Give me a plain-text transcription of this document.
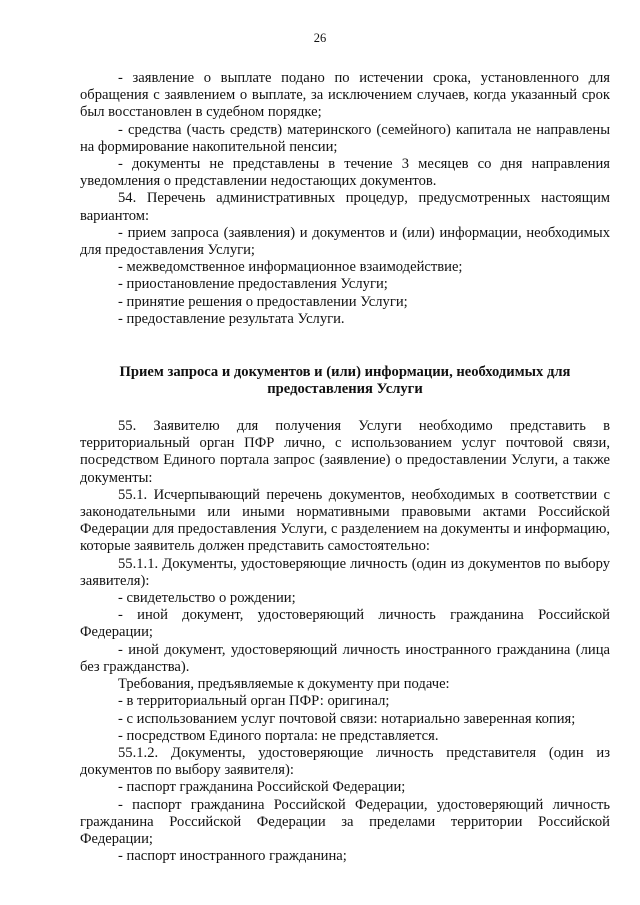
26

- заявление о выплате подано по истечении срока, установленного для обращения с заявлением о выплате, за исключением случаев, когда указанный срок был восстановлен в судебном порядке;

- средства (часть средств) материнского (семейного) капитала не направлены на формирование накопительной пенсии;

- документы не представлены в течение 3 месяцев со дня направления уведомления о представлении недостающих документов.

54. Перечень административных процедур, предусмотренных настоящим вариантом:

- прием запроса (заявления) и документов и (или) информации, необходимых для предоставления Услуги;

- межведомственное информационное взаимодействие;

- приостановление предоставления Услуги;

- принятие решения о предоставлении Услуги;

- предоставление результата Услуги.

Прием запроса и документов и (или) информации, необходимых для предоставления Услуги

55. Заявителю для получения Услуги необходимо представить в территориальный орган ПФР лично, с использованием услуг почтовой связи, посредством Единого портала запрос (заявление) о предоставлении Услуги, а также документы:

55.1. Исчерпывающий перечень документов, необходимых в соответствии с законодательными или иными нормативными правовыми актами Российской Федерации для предоставления Услуги, с разделением на документы и информацию, которые заявитель должен представить самостоятельно:

55.1.1. Документы, удостоверяющие личность (один из документов по выбору заявителя):

- свидетельство о рождении;

- иной документ, удостоверяющий личность гражданина Российской Федерации;

- иной документ, удостоверяющий личность иностранного гражданина (лица без гражданства).

Требования, предъявляемые к документу при подаче:

- в территориальный орган ПФР: оригинал;

- с использованием услуг почтовой связи: нотариально заверенная копия;

- посредством Единого портала: не представляется.

55.1.2. Документы, удостоверяющие личность представителя (один из документов по выбору заявителя):

- паспорт гражданина Российской Федерации;

- паспорт гражданина Российской Федерации, удостоверяющий личность гражданина Российской Федерации за пределами территории Российской Федерации;

- паспорт иностранного гражданина;
